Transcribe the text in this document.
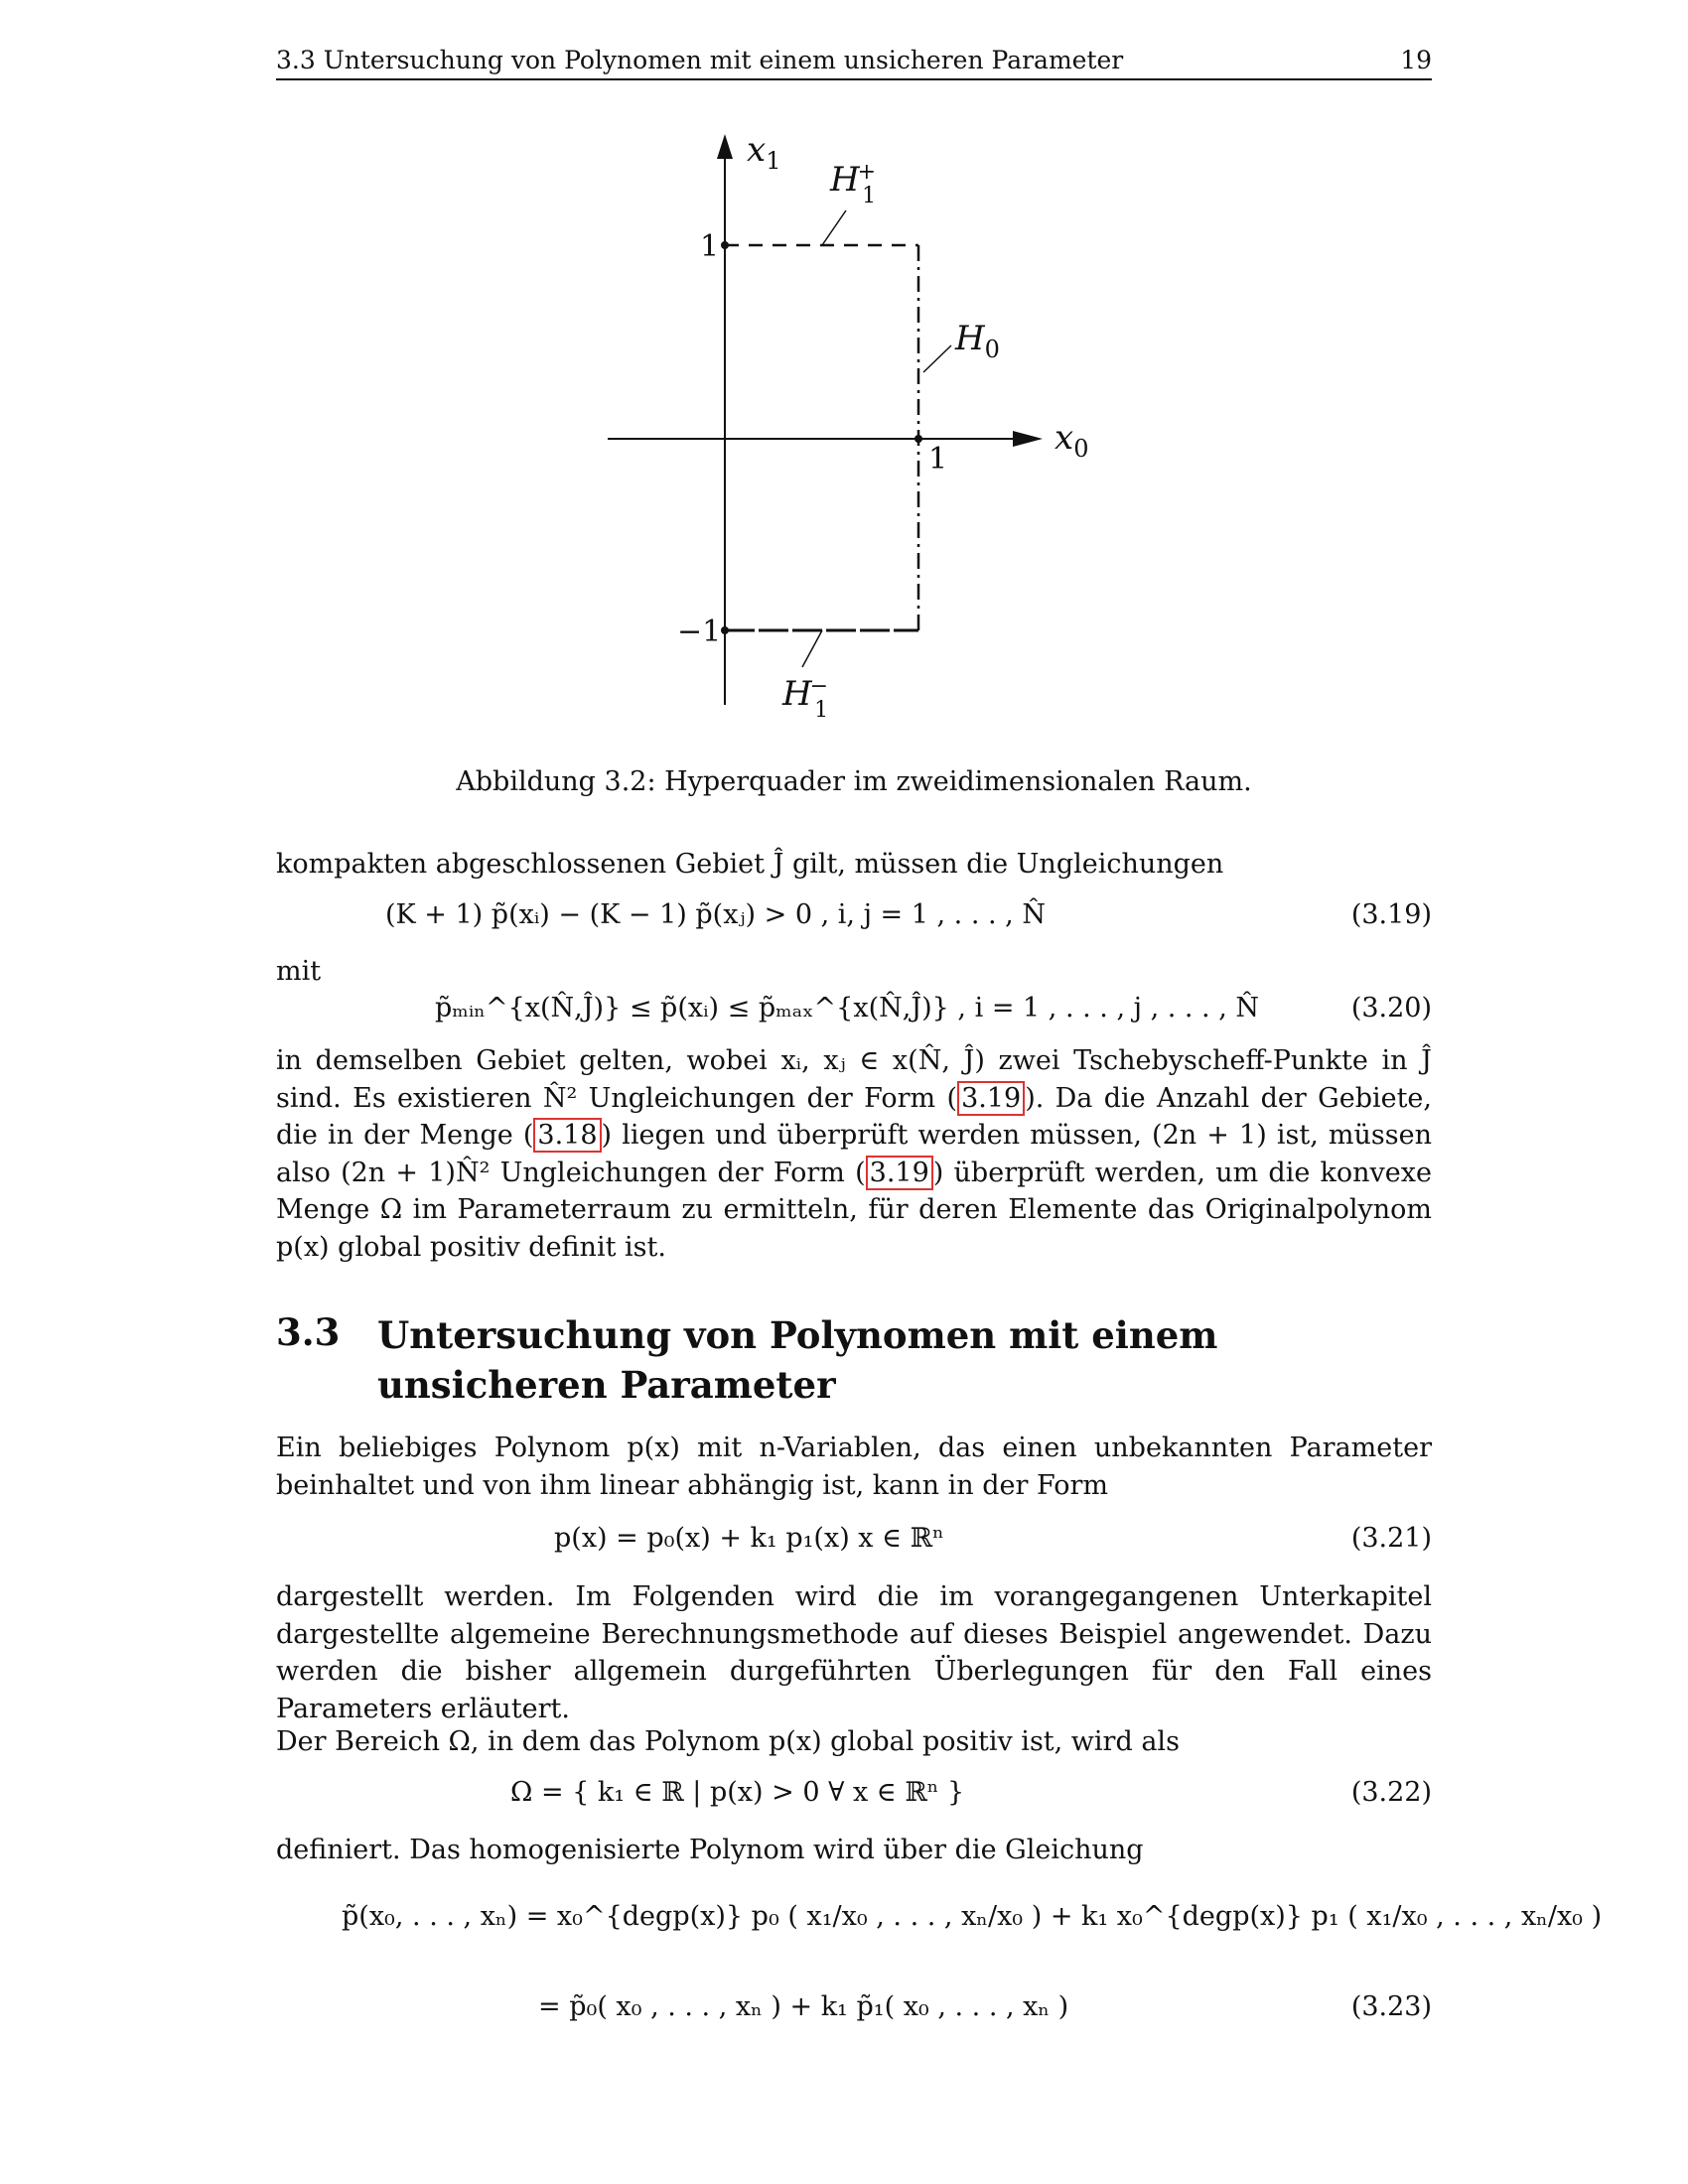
3.3 Untersuchung von Polynomen mit einem unsicheren Parameter	19
$x_1$ H+ 1
$H_0$
$x_0$
H− 1
1
1
−1
Abbildung 3.2: Hyperquader im zweidimensionalen Raum.
kompakten abgeschlossenen Gebiet Ĵ gilt, müssen die Ungleichungen
(K + 1) p̃(xᵢ) − (K − 1) p̃(xⱼ) > 0 , i, j = 1 , . . . , N̂	(3.19)
mit
p̃ₘᵢₙ^{x(N̂,Ĵ)} ≤ p̃(xᵢ) ≤ p̃ₘₐₓ^{x(N̂,Ĵ)} , i = 1 , . . . , j , . . . , N̂	(3.20)
in demselben Gebiet gelten, wobei xᵢ, xⱼ ∈ x(N̂, Ĵ) zwei Tschebyscheff-Punkte in Ĵ sind. Es existieren N̂² Ungleichungen der Form ( 3.19 ). Da die Anzahl der Gebiete, die in der Menge ( 3.18 ) liegen und überprüft werden müssen, (2n + 1) ist, müssen also (2n + 1)N̂² Ungleichungen der Form ( 3.19 ) überprüft werden, um die konvexe Menge Ω im Parameterraum zu ermitteln, für deren Elemente das Originalpolynom p(x) global positiv definit ist.
3.3 Untersuchung von Polynomen mit einem unsicheren Parameter
Ein beliebiges Polynom p(x) mit n-Variablen, das einen unbekannten Parameter beinhaltet und von ihm linear abhängig ist, kann in der Form
p(x) = p₀(x) + k₁ p₁(x) x ∈ ℝⁿ	(3.21)
dargestellt werden. Im Folgenden wird die im vorangegangenen Unterkapitel dargestellte algemeine Berechnungsmethode auf dieses Beispiel angewendet. Dazu werden die bisher allgemein durgeführten Überlegungen für den Fall eines Parameters erläutert.
Der Bereich Ω, in dem das Polynom p(x) global positiv ist, wird als
Ω = { k₁ ∈ ℝ | p(x) > 0 ∀ x ∈ ℝⁿ }	(3.22)
definiert. Das homogenisierte Polynom wird über die Gleichung
p̃(x₀, . . . , xₙ) = x₀^{degp(x)} p₀ ( x₁/x₀ , . . . , xₙ/x₀ ) + k₁ x₀^{degp(x)} p₁ ( x₁/x₀ , . . . , xₙ/x₀ )
= p̃₀( x₀ , . . . , xₙ ) + k₁ p̃₁( x₀ , . . . , xₙ )	(3.23)
